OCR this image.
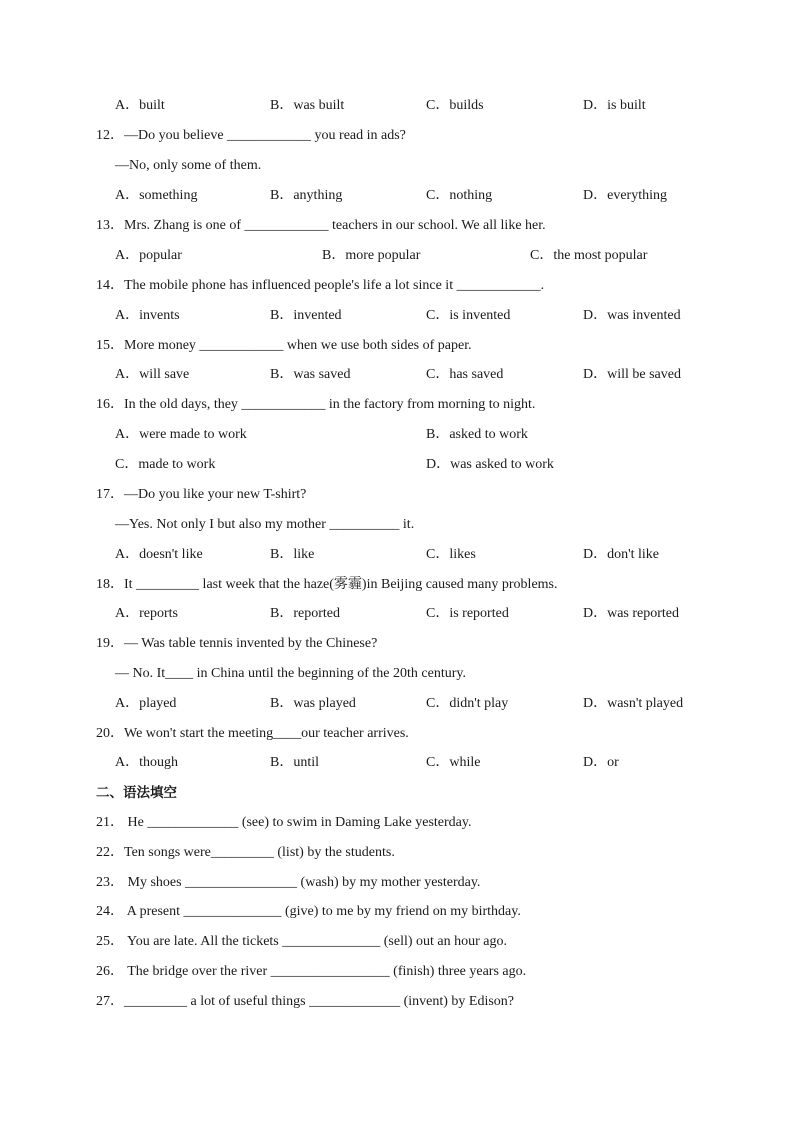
A．built	B．was built	C．builds	D．is built
12．—Do you believe ____________ you read in ads?
—No, only some of them.
A．something	B．anything	C．nothing	D．everything
13．Mrs. Zhang is one of ____________ teachers in our school. We all like her.
A．popular	B．more popular	C．the most popular
14．The mobile phone has influenced people's life a lot since it ____________.
A．invents	B．invented	C．is invented	D．was invented
15．More money ____________ when we use both sides of paper.
A．will save	B．was saved	C．has saved	D．will be saved
16．In the old days, they ____________ in the factory from morning to night.
A．were made to work	B．asked to work
C．made to work	D．was asked to work
17．—Do you like your new T-shirt?
—Yes. Not only I but also my mother __________ it.
A．doesn't like	B．like	C．likes	D．don't like
18．It _________ last week that the haze(雾霾)in Beijing caused many problems.
A．reports	B．reported	C．is reported	D．was reported
19．— Was table tennis invented by the Chinese?
— No. It____ in China until the beginning of the 20th century.
A．played	B．was played	C．didn't play	D．wasn't played
20．We won't start the meeting____our teacher arrives.
A．though	B．until	C．while	D．or
二、语法填空
21． He _____________ (see) to swim in Daming Lake yesterday.
22．Ten songs were_________ (list) by the students.
23． My shoes ________________ (wash) by my mother yesterday.
24． A present ______________ (give) to me by my friend on my birthday.
25． You are late. All the tickets ______________ (sell) out an hour ago.
26． The bridge over the river _________________ (finish) three years ago.
27．_________ a lot of useful things _____________ (invent) by Edison?
